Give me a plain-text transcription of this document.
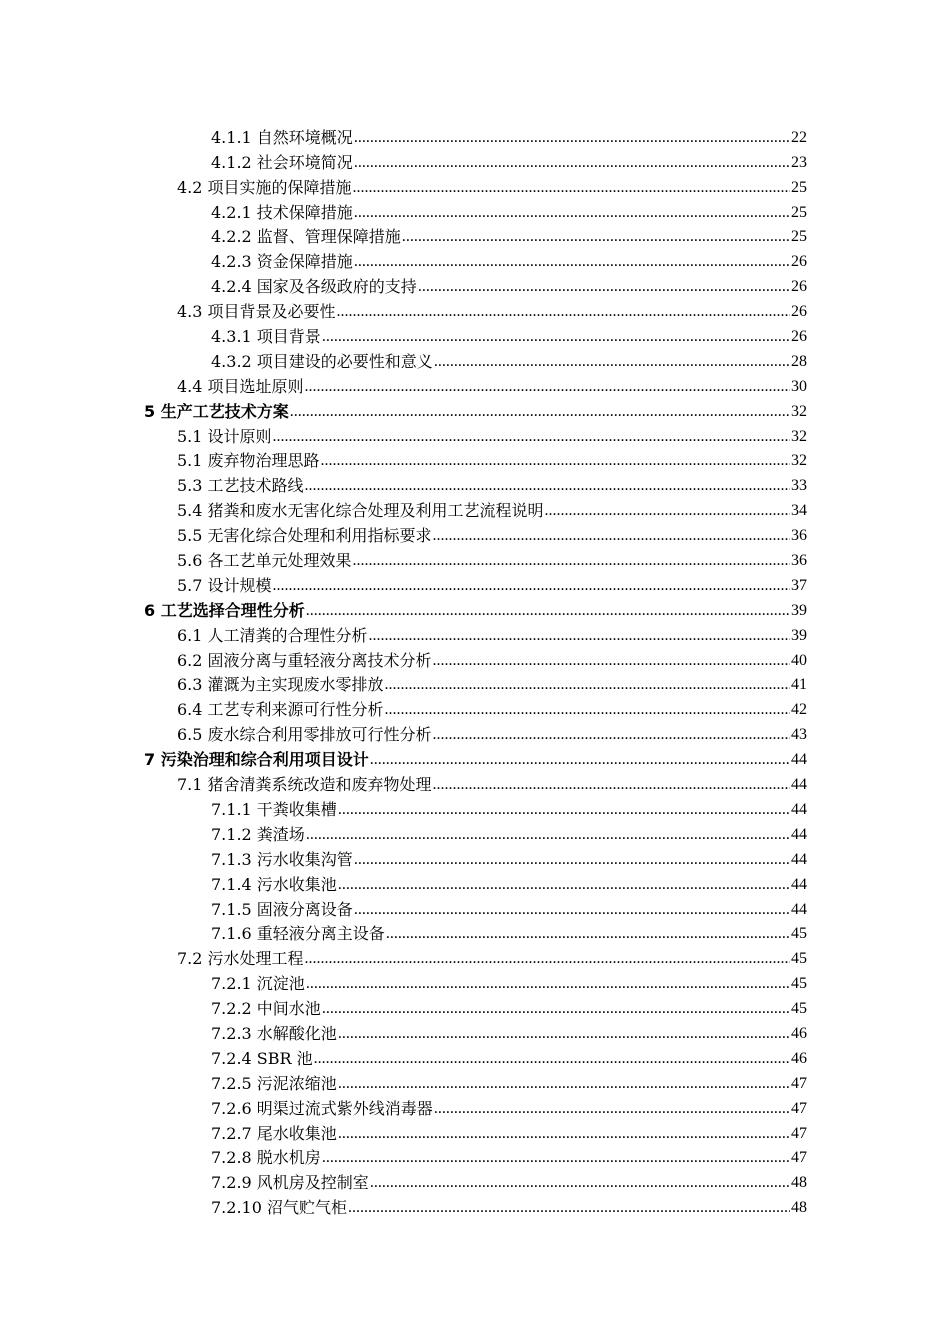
4.1.1 自然环境概况 .....	22
4.1.2 社会环境简况 .....	23
4.2 项目实施的保障措施 .....	25
4.2.1 技术保障措施 .....	25
4.2.2 监督、管理保障措施 .....	25
4.2.3 资金保障措施 .....	26
4.2.4 国家及各级政府的支持 .....	26
4.3 项目背景及必要性 .....	26
4.3.1 项目背景 .....	26
4.3.2 项目建设的必要性和意义 .....	28
4.4 项目选址原则 .....	30
5 生产工艺技术方案 .....	32
5.1 设计原则 .....	32
5.1 废弃物治理思路 .....	32
5.3 工艺技术路线 .....	33
5.4 猪粪和废水无害化综合处理及利用工艺流程说明 .....	34
5.5 无害化综合处理和利用指标要求 .....	36
5.6 各工艺单元处理效果 .....	36
5.7 设计规模 .....	37
6 工艺选择合理性分析 .....	39
6.1 人工清粪的合理性分析 .....	39
6.2 固液分离与重轻液分离技术分析 .....	40
6.3 灌溉为主实现废水零排放 .....	41
6.4 工艺专利来源可行性分析 .....	42
6.5 废水综合利用零排放可行性分析 .....	43
7 污染治理和综合利用项目设计 .....	44
7.1 猪舍清粪系统改造和废弃物处理 .....	44
7.1.1 干粪收集槽 .....	44
7.1.2 粪渣场 .....	44
7.1.3 污水收集沟管 .....	44
7.1.4 污水收集池 .....	44
7.1.5 固液分离设备 .....	44
7.1.6 重轻液分离主设备 .....	45
7.2 污水处理工程 .....	45
7.2.1 沉淀池 .....	45
7.2.2 中间水池 .....	45
7.2.3 水解酸化池 .....	46
7.2.4 SBR 池 .....	46
7.2.5 污泥浓缩池 .....	47
7.2.6 明渠过流式紫外线消毒器 .....	47
7.2.7 尾水收集池 .....	47
7.2.8 脱水机房 .....	47
7.2.9 风机房及控制室 .....	48
7.2.10 沼气贮气柜 .....	48
